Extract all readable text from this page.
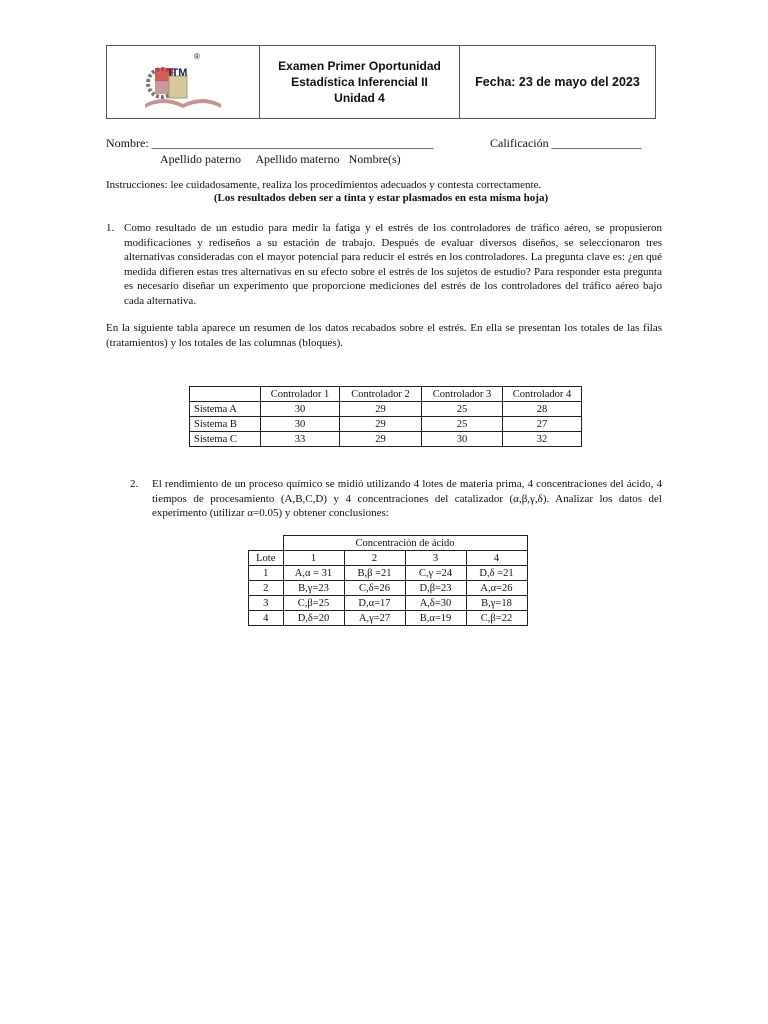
ITM
®
Examen Primer Oportunidad
Estadística Inferencial II
Unidad 4
Fecha: 23 de mayo del 2023
Nombre: _______________________________________________	Calificación _______________
Apellido paterno     Apellido materno   Nombre(s)
Instrucciones: lee cuidadosamente, realiza los procedimientos adecuados y contesta correctamente.
(Los resultados deben ser a tinta y estar plasmados en esta misma hoja)
1. Como resultado de un estudio para medir la fatiga y el estrés de los controladores de tráfico aéreo, se propusieron modificaciones y rediseños a su estación de trabajo. Después de evaluar diversos diseños, se seleccionaron tres alternativas consideradas con el mayor potencial para reducir el estrés en los controladores. La pregunta clave es: ¿en qué medida difieren estas tres alternativas en su efecto sobre el estrés de los sujetos de estudio? Para responder esta pregunta es necesario diseñar un experimento que proporcione mediciones del estrés de los controladores del tráfico aéreo bajo cada alternativa.
En la siguiente tabla aparece un resumen de los datos recabados sobre el estrés. En ella se presentan los totales de las filas (tratamientos) y los totales de las columnas (bloques).
	Controlador 1	Controlador 2	Controlador 3	Controlador 4
Sistema A	30	29	25	28
Sistema B	30	29	25	27
Sistema C	33	29	30	32
2. El rendimiento de un proceso químico se midió utilizando 4 lotes de materia prima, 4 concentraciones del ácido, 4 tiempos de procesamiento (A,B,C,D) y 4 concentraciones del catalizador (α,β,γ,δ). Analizar los datos del experimento (utilizar α=0.05) y obtener conclusiones:
	Concentración de ácido			
Lote	1	2	3	4
1	A,α = 31	B,β =21	C,γ =24	D,δ =21
2	B,γ=23	C,δ=26	D,β=23	A,α=26
3	C,β=25	D,α=17	A,δ=30	B,γ=18
4	D,δ=20	A,γ=27	B,α=19	C,β=22
